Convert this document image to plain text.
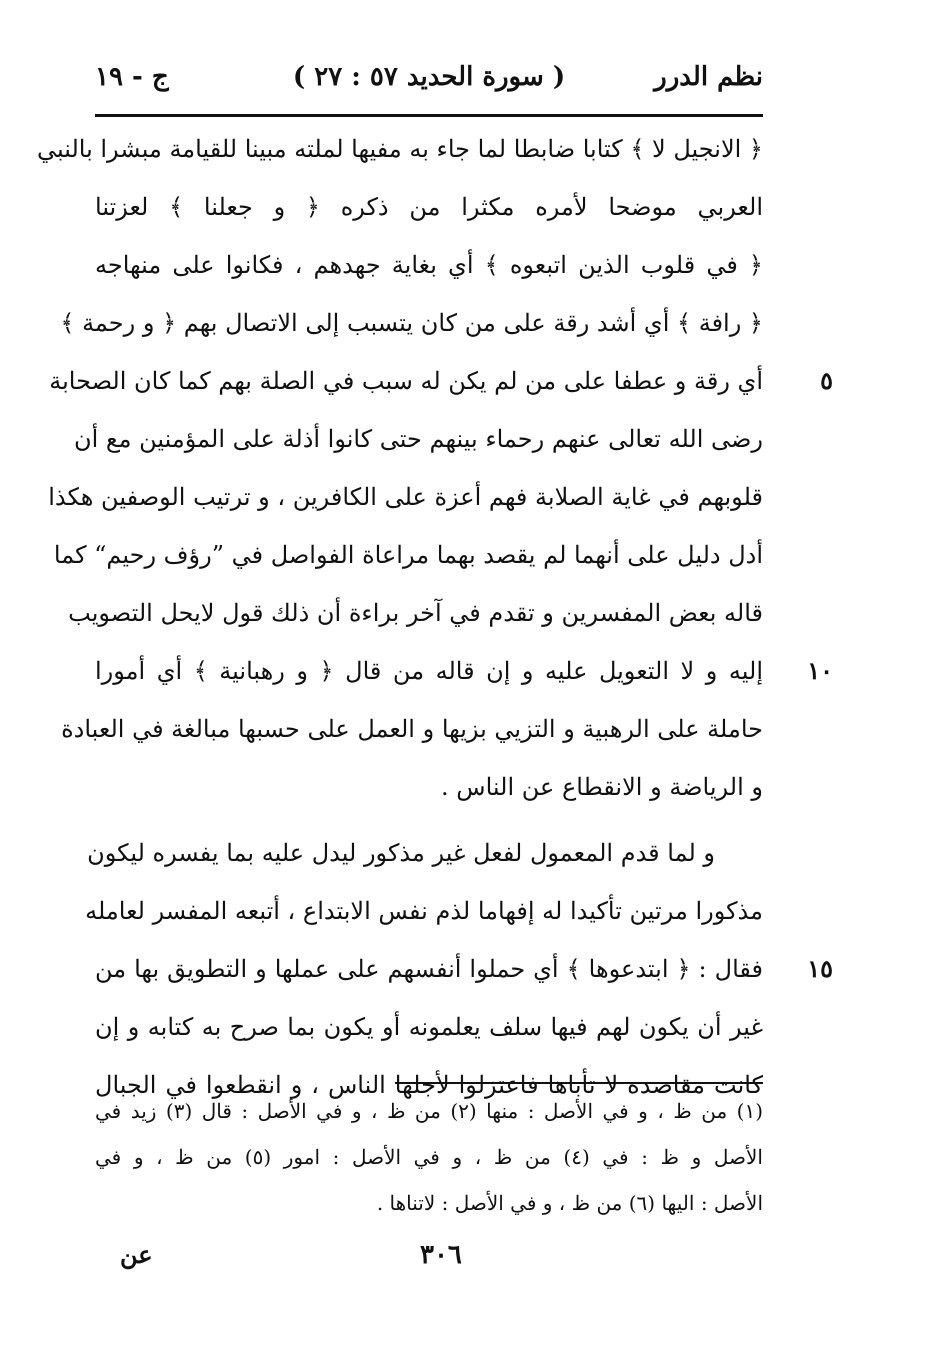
نظم الدرر
( سورة الحديد ٥٧ : ٢٧ )
ج - ١٩
﴿ الانجيل لا ﴾ كتابا ضابطا لما جاء به مفيها لملته مبينا للقيامة مبشرا بالنبي
العربي موضحا لأمره مكثرا من ذكره ﴿ و جعلنا ﴾ لعزتنا
﴿ في قلوب الذين اتبعوه ﴾ أي بغاية جهدهم ، فكانوا على منهاجه
﴿ رافة ﴾ أي أشد رقة على من كان يتسبب إلى الاتصال بهم ﴿ و رحمة ﴾
٥
أي رقة و عطفا على من لم يكن له سبب في الصلة بهم كما كان الصحابة
رضى الله تعالى عنهم رحماء بينهم حتى كانوا أذلة على المؤمنين مع أن
قلوبهم في غاية الصلابة فهم أعزة على الكافرين ، و ترتيب الوصفين هكذا
أدل دليل على أنهما لم يقصد بهما مراعاة الفواصل في ”رؤف رحيم“ كما
قاله بعض المفسرين و تقدم في آخر براءة أن ذلك قول لايحل التصويب
١٠
إليه و لا التعويل عليه و إن قاله من قال ﴿ و رهبانية ﴾ أي أمورا
حاملة على الرهبية و التزيي بزيها و العمل على حسبها مبالغة في العبادة
و الرياضة و الانقطاع عن الناس .
و لما قدم المعمول لفعل غير مذكور ليدل عليه بما يفسره ليكون
مذكورا مرتين تأكيدا له إفهاما لذم نفس الابتداع ، أتبعه المفسر لعامله
١٥
فقال : ﴿ ابتدعوها ﴾ أي حملوا أنفسهم على عملها و التطويق بها من
غير أن يكون لهم فيها سلف يعلمونه أو يكون بما صرح به كتابه و إن
كانت مقاصده لا تأباها فاعتزلوا لأجلها الناس ، و انقطعوا في الجبال
(١) من ظ ، و في الأصل : منها (٢) من ظ ، و في الأصل : قال (٣) زيد في
الأصل و ظ : في (٤) من ظ ، و في الأصل : امور (٥) من ظ ، و في
الأصل : اليها (٦) من ظ ، و في الأصل : لاتناها .
٣٠٦
عن
